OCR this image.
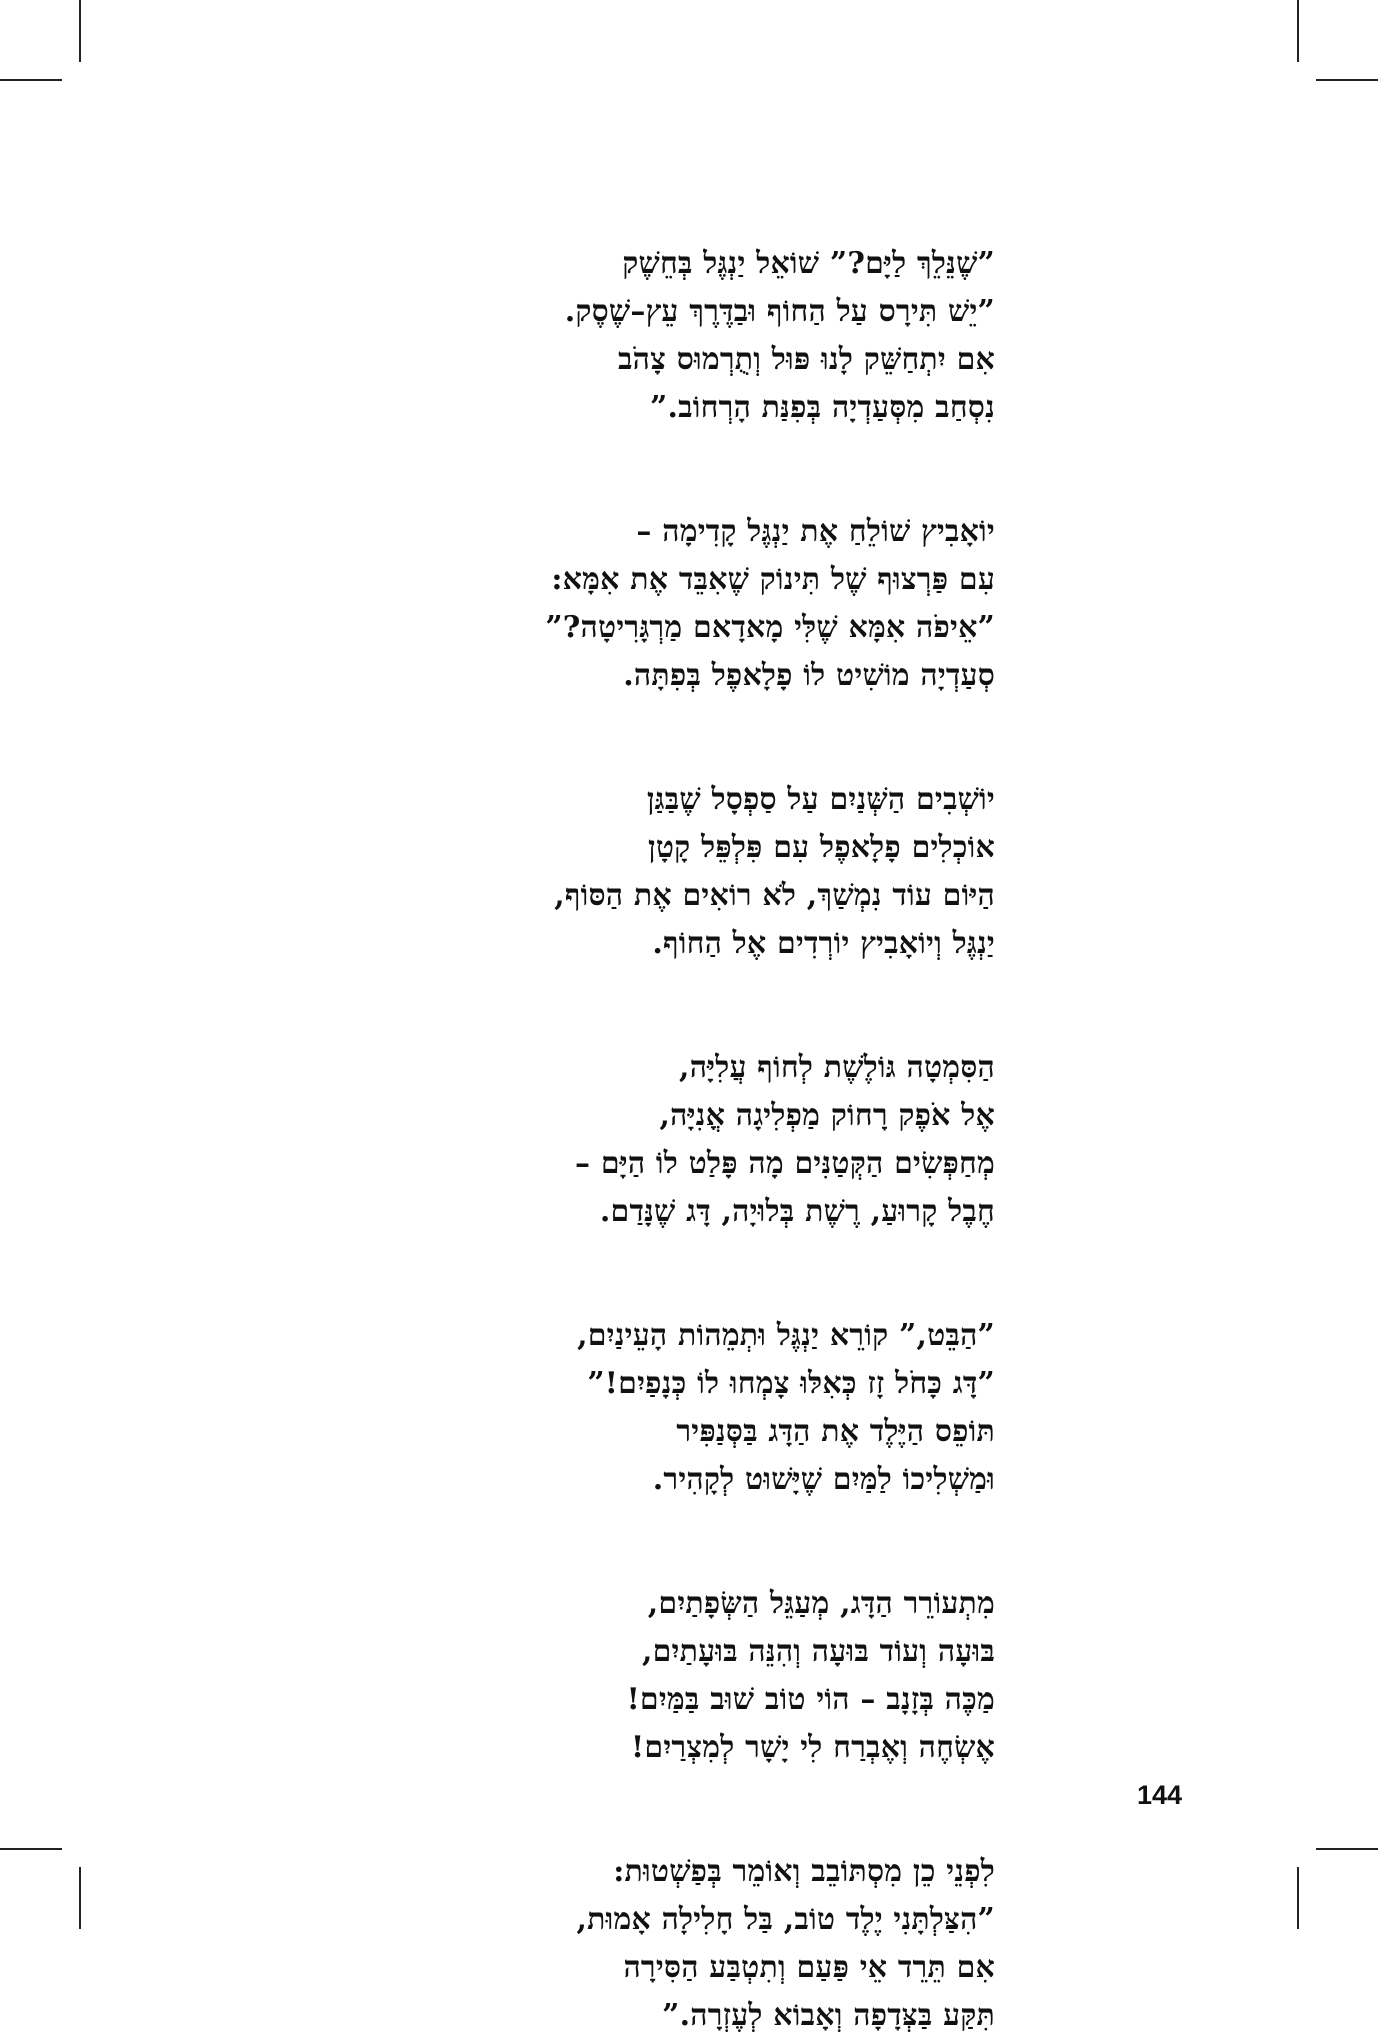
”שֶׁנֵּלֵךְ לַיָּם?” שׁוֹאֵל יַנְגֶּל בְּחֵשֶׁק
”יֵשׁ תִּירָס עַל הַחוֹף וּבַדֶּרֶךְ עֵץ–שֶׁסֶק.
אִם יִתְחַשֵּׁק לָנוּ פּוּל וְתֻרְמוּס צָהֹב
נִסְחַב מִסְּעַדְיָה בְּפִנַּת הָרְחוֹב.”
יוֹאָבִיץ שׁוֹלֵחַ אֶת יַנְגֶּל קָדִימָה –
עִם פַּרְצוּף שֶׁל תִּינוֹק שֶׁאִבֵּד אֶת אִמָּא:
”אֵיפֹה אִמָּא שֶׁלִּי מָאדָאם מַרְגָּרִיטָה?”
סְעַדְיָה מוֹשִׁיט לוֹ פָלָאפֶל בְּפִתָּה.
יוֹשְׁבִים הַשְּׁנַיִם עַל סַפְסָל שֶׁבַּגַּן
אוֹכְלִים פָלָאפֶל עִם פִּלְפֵּל קָטָן
הַיּוֹם עוֹד נִמְשַׁךְ, לֹא רוֹאִים אֶת הַסּוֹף,
יַנְגֶּל וְיוֹאָבִיץ יוֹרְדִים אֶל הַחוֹף.
הַסִּמְטָה גּוֹלֶשֶׁת לְחוֹף עֲלִיָּה,
אֶל אֹפֶק רָחוֹק מַפְלִיגָה אֳנִיָּה,
מְחַפְּשִׂים הַקְּטַנִּים מָה פָּלַט לוֹ הַיָּם –
חֶבֶל קָרוּעַ, רֶשֶׁת בְּלוּיָה, דָּג שֶׁנָּדַם.
”הַבֵּט,” קוֹרֵא יַנְגֶּל וּתְמֵהוֹת הָעֵינַיִם,
”דָּג כָּחֹל זָז כְּאִלּוּ צָמְחוּ לוֹ כְּנָפַיִם!”
תּוֹפֵס הַיֶּלֶד אֶת הַדָּג בַּסְּנַפִּיר
וּמַשְׁלִיכוֹ לַמַּיִם שֶׁיָּשׁוּט לְקָהִיר.
מִתְעוֹרֵר הַדָּג, מְעַגֵּל הַשְּׂפָתַיִם,
בּוּעָה וְעוֹד בּוּעָה וְהִנֵּה בּוּעָתַיִם,
מַכֶּה בְּזָנָב – הוֹי טוֹב שׁוּב בַּמַּיִם!
אֶשְׂחֶה וְאֶבְרַח לִי יָשָׁר לְמִצְרַיִם!
לִפְנֵי כֵן מִסְתּוֹבֵב וְאוֹמֵר בְּפַשְׁטוּת:
”הִצַּלְתָּנִי יֶלֶד טוֹב, בַּל חָלִילָה אָמוּת,
אִם תֵּרֵד אֵי פַּעַם וְתִטְבַּע הַסִּירָה
תִּקַּע בַּצְּדָפָה וְאָבוֹא לְעֶזְרָה.”
144
